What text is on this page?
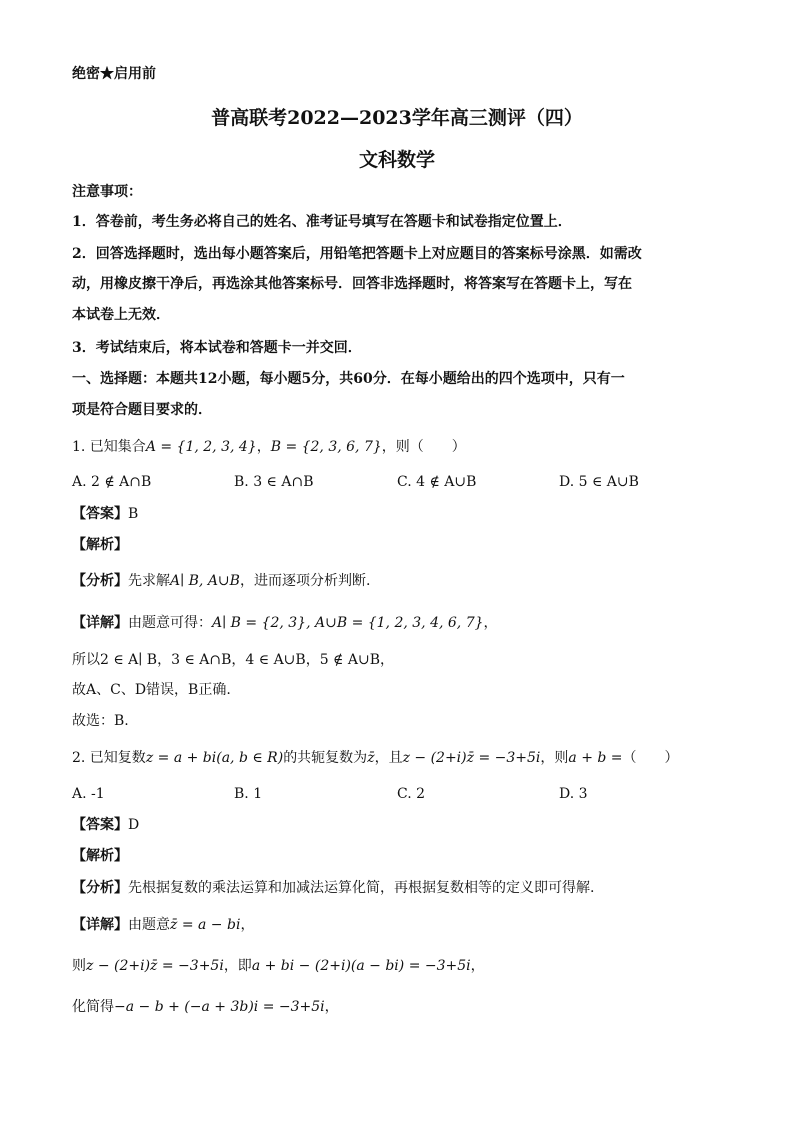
绝密★启用前
普高联考2022—2023学年高三测评（四）
文科数学
注意事项：
1．答卷前，考生务必将自己的姓名、准考证号填写在答题卡和试卷指定位置上．
2．回答选择题时，选出每小题答案后，用铅笔把答题卡上对应题目的答案标号涂黑．如需改
动，用橡皮擦干净后，再选涂其他答案标号．回答非选择题时，将答案写在答题卡上，写在
本试卷上无效．
3．考试结束后，将本试卷和答题卡一并交回．
一、选择题：本题共12小题，每小题5分，共60分．在每小题给出的四个选项中，只有一
项是符合题目要求的．
1. 已知集合A = {1, 2, 3, 4}，B = {2, 3, 6, 7}，则（　　）
A. 2 ∉ A∩B	B. 3 ∈ A∩B	C. 4 ∉ A∪B	D. 5 ∈ A∪B
【答案】B
【解析】
【分析】先求解A∣ B, A∪B，进而逐项分析判断.
【详解】由题意可得：A∣ B = {2, 3}, A∪B = {1, 2, 3, 4, 6, 7}，
所以2 ∈ A∣ B，3 ∈ A∩B，4 ∈ A∪B，5 ∉ A∪B，
故A、C、D错误，B正确.
故选：B.
2. 已知复数z = a + bi(a, b ∈ R)的共轭复数为z̄，且z − (2+i)z̄ = −3+5i，则a + b =（　　）
A. -1	B. 1	C. 2	D. 3
【答案】D
【解析】
【分析】先根据复数的乘法运算和加减法运算化简，再根据复数相等的定义即可得解.
【详解】由题意z̄ = a − bi，
则z − (2+i)z̄ = −3+5i，即a + bi − (2+i)(a − bi) = −3+5i，
化简得−a − b + (−a + 3b)i = −3+5i，
